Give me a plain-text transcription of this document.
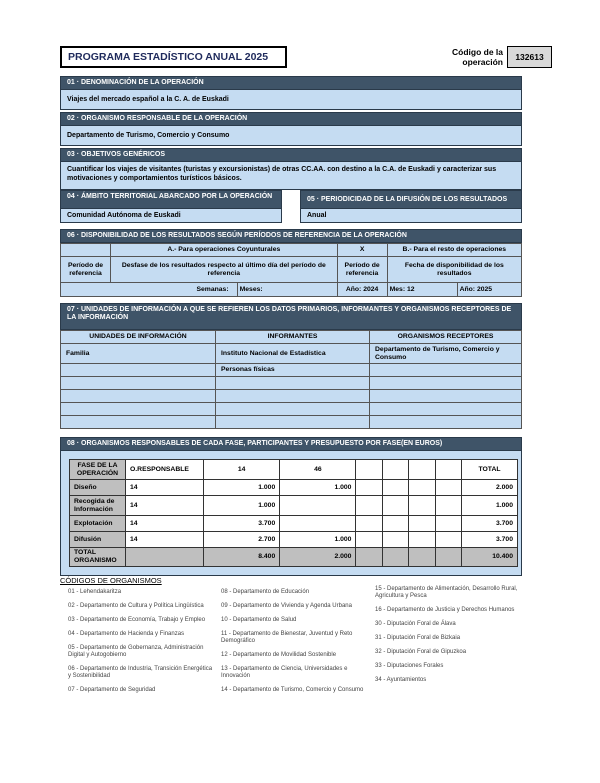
PROGRAMA ESTADÍSTICO ANUAL 2025	Código de la operación	132613
01 · DENOMINACIÓN DE LA OPERACIÓN
Viajes del mercado español a la C. A. de Euskadi
02 · ORGANISMO RESPONSABLE DE LA OPERACIÓN
Departamento de Turismo, Comercio y Consumo
03 · OBJETIVOS GENÉRICOS
Cuantificar los viajes de visitantes (turistas y excursionistas) de otras CC.AA. con destino a la C.A. de Euskadi y caracterizar sus motivaciones y comportamientos turísticos básicos.
04 · ÁMBITO TERRITORIAL ABARCADO POR LA OPERACIÓN
Comunidad Autónoma de Euskadi
05 · PERIODICIDAD DE LA DIFUSIÓN DE LOS RESULTADOS
Anual
06 · DISPONIBILIDAD DE LOS RESULTADOS SEGÚN PERÍODOS DE REFERENCIA DE LA OPERACIÓN
	A.- Para operaciones Coyunturales		X	B.- Para el resto de operaciones	
Período de referencia	Desfase de los resultados respecto al último día del período de referencia		Período de referencia	Fecha de disponibilidad de los resultados	
Semanas:		Meses:	Año: 2024	Mes: 12	Año: 2025
07 · UNIDADES DE INFORMACIÓN A QUE SE REFIEREN LOS DATOS PRIMARIOS, INFORMANTES Y ORGANISMOS RECEPTORES DE LA INFORMACIÓN
UNIDADES DE INFORMACIÓN	INFORMANTES	ORGANISMOS RECEPTORES
Familia	Instituto Nacional de Estadística	Departamento de Turismo, Comercio y Consumo
	Personas físicas	

08 · ORGANISMOS RESPONSABLES DE CADA FASE, PARTICIPANTES Y PRESUPUESTO POR FASE(EN EUROS)
FASE DE LA OPERACIÓN	O.RESPONSABLE	14	46					TOTAL
Diseño	14	1.000	1.000					2.000
Recogida de Información	14	1.000						1.000
Explotación	14	3.700						3.700
Difusión	14	2.700	1.000					3.700
TOTAL ORGANISMO		8.400	2.000					10.400
CÓDIGOS DE ORGANISMOS
01 - Lehendakaritza
02 - Departamento de Cultura y Política Lingüística
03 - Departamento de Economía, Trabajo y Empleo
04 - Departamento de Hacienda y Finanzas
05 - Departamento de Gobernanza, Administración Digital y Autogobierno
06 - Departamento de Industria, Transición Energética y Sostenibilidad
07 - Departamento de Seguridad
08 - Departamento de Educación
09 - Departamento de Vivienda y Agenda Urbana
10 - Departamento de Salud
11 - Departamento de Bienestar, Juventud y Reto Demográfico
12 - Departamento de Movilidad Sostenible
13 - Departamento de Ciencia, Universidades e Innovación
14 - Departamento de Turismo, Comercio y Consumo
15 - Departamento de Alimentación, Desarrollo Rural, Agricultura y Pesca
16 - Departamento de Justicia y Derechos Humanos
30 - Diputación Foral de Álava
31 - Diputación Foral de Bizkaia
32 - Diputación Foral de Gipuzkoa
33 - Diputaciones Forales
34 - Ayuntamientos
